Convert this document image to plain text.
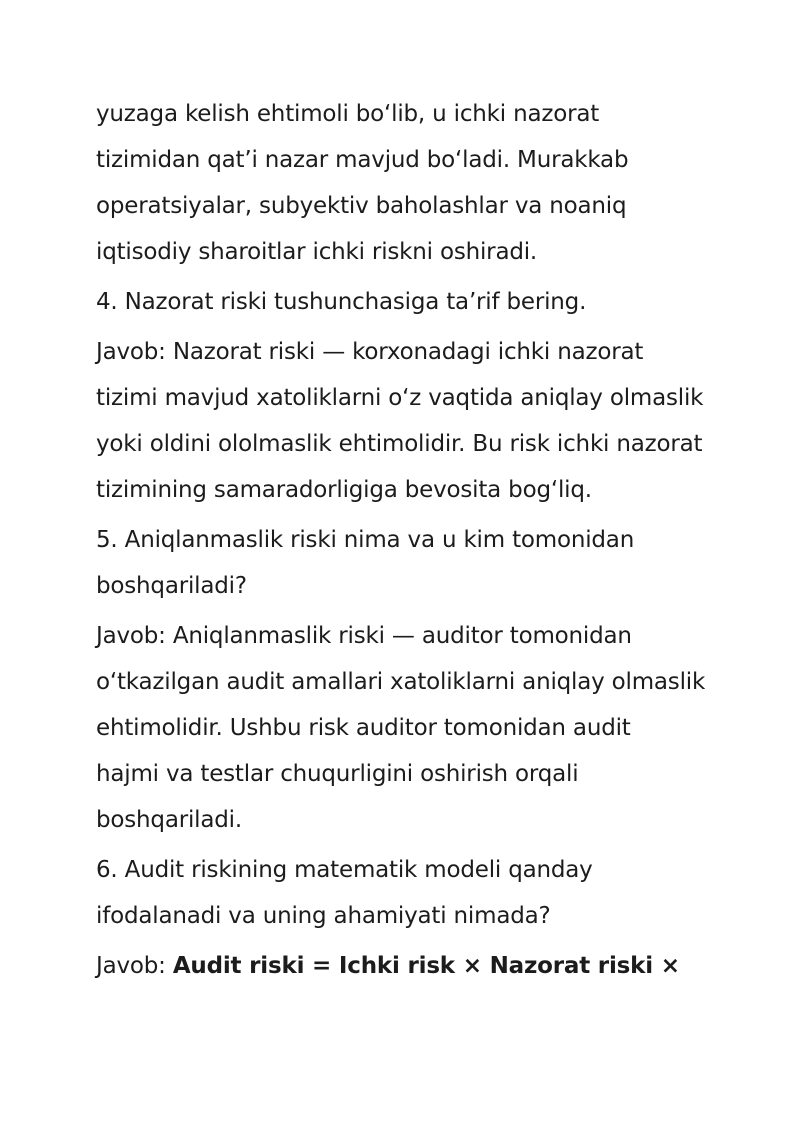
yuzaga kelish ehtimoli bo‘lib, u ichki nazorat
tizimidan qat’i nazar mavjud bo‘ladi. Murakkab
operatsiyalar, subyektiv baholashlar va noaniq
iqtisodiy sharoitlar ichki riskni oshiradi.
4. Nazorat riski tushunchasiga ta’rif bering.
Javob: Nazorat riski — korxonadagi ichki nazorat
tizimi mavjud xatoliklarni o‘z vaqtida aniqlay olmaslik
yoki oldini ololmaslik ehtimolidir. Bu risk ichki nazorat
tizimining samaradorligiga bevosita bog‘liq.
5. Aniqlanmaslik riski nima va u kim tomonidan
boshqariladi?
Javob: Aniqlanmaslik riski — auditor tomonidan
o‘tkazilgan audit amallari xatoliklarni aniqlay olmaslik
ehtimolidir. Ushbu risk auditor tomonidan audit
hajmi va testlar chuqurligini oshirish orqali
boshqariladi.
6. Audit riskining matematik modeli qanday
ifodalanadi va uning ahamiyati nimada?
Javob: Audit riski = Ichki risk × Nazorat riski ×
